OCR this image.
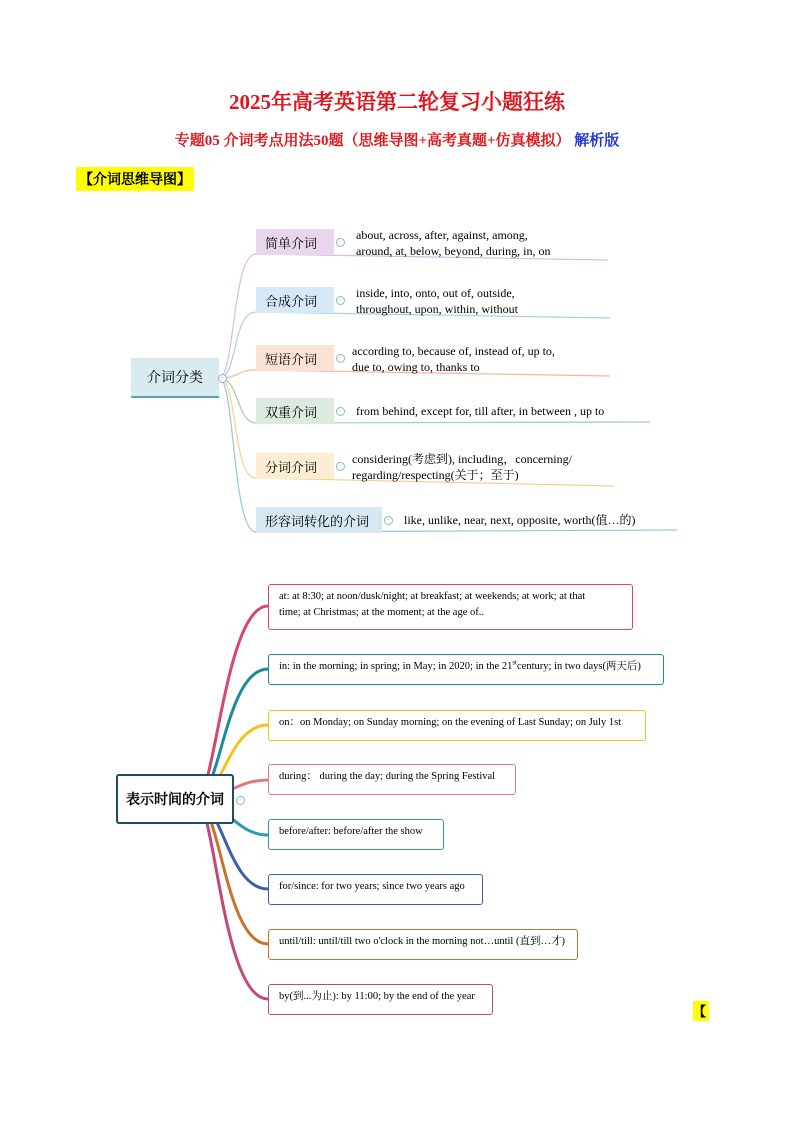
2025年高考英语第二轮复习小题狂练
专题05 介词考点用法50题（思维导图+高考真题+仿真模拟） 解析版
【介词思维导图】
【
介词分类	−
简单介词	− about, across, after, against, among,
around, at, below, beyond, during, in, on
合成介词	− inside, into, onto, out of, outside,
throughout, upon, within, without
短语介词	− according to, because of, instead of, up to,
due to, owing to, thanks to
双重介词	− from behind, except for, till after, in between , up to
分词介词	− considering(考虑到), including，concerning/
regarding/respecting(关于；至于)
形容词转化的介词	− like, unlike, near, next, opposite, worth(值…的)
表示时间的介词	−
at: at 8:30; at noon/dusk/night; at breakfast; at weekends; at work; at that
time; at Christmas; at the moment; at the age of..
in: in the morning; in spring; in May; in 2020; in the 21stcentury; in two days(两天后)
on：on Monday; on Sunday morning; on the evening of Last Sunday; on July 1st
during： during the day; during the Spring Festival
before/after: before/after the show
for/since: for two years; since two years ago
until/till: until/till two o'clock in the morning not…until (直到…才)
by(到...为止): by 11:00; by the end of the year
